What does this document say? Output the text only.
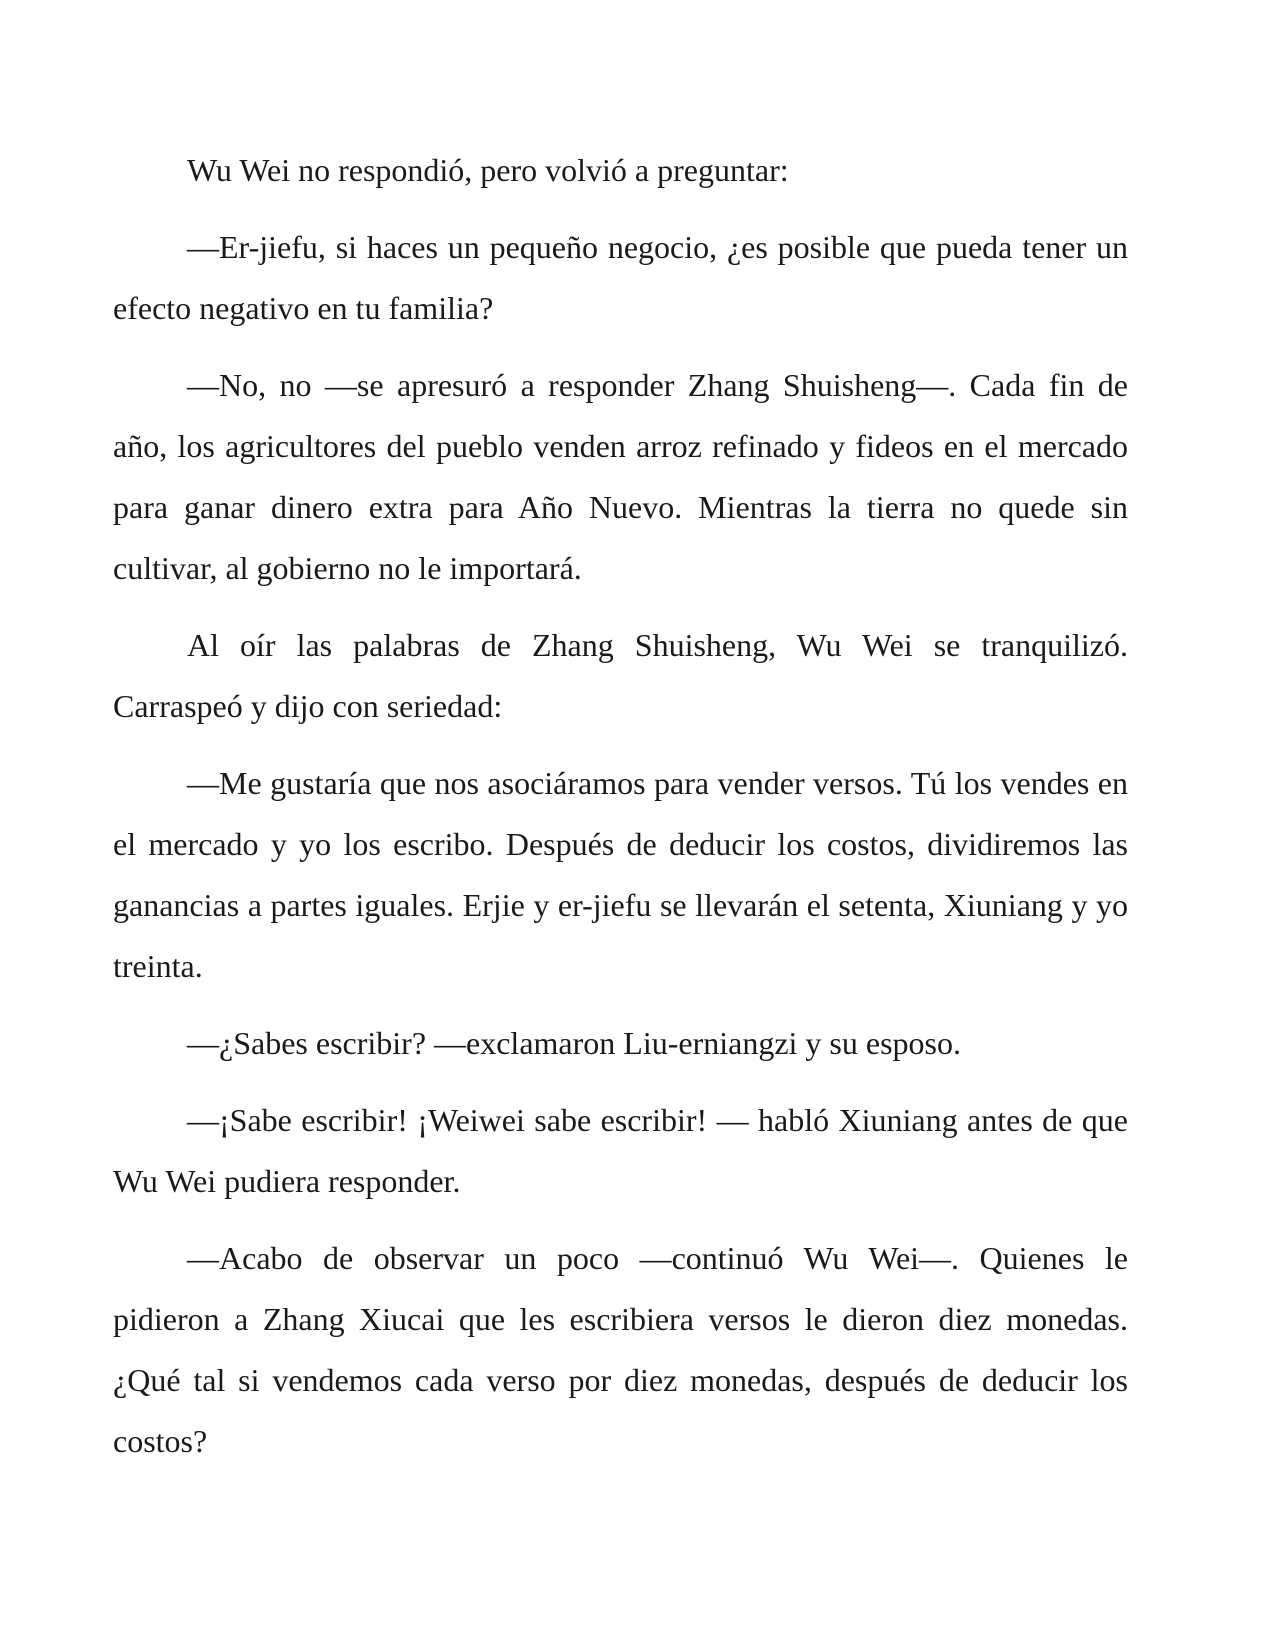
Wu Wei no respondió, pero volvió a preguntar:

—Er-jiefu, si haces un pequeño negocio, ¿es posible que pueda tener un efecto negativo en tu familia?

—No, no —se apresuró a responder Zhang Shuisheng—. Cada fin de año, los agricultores del pueblo venden arroz refinado y fideos en el mercado para ganar dinero extra para Año Nuevo. Mientras la tierra no quede sin cultivar, al gobierno no le importará.

Al oír las palabras de Zhang Shuisheng, Wu Wei se tranquilizó. Carraspeó y dijo con seriedad:

—Me gustaría que nos asociáramos para vender versos. Tú los vendes en el mercado y yo los escribo. Después de deducir los costos, dividiremos las ganancias a partes iguales. Erjie y er-jiefu se llevarán el setenta, Xiuniang y yo treinta.

—¿Sabes escribir? —exclamaron Liu-erniangzi y su esposo.

—¡Sabe escribir! ¡Weiwei sabe escribir! — habló Xiuniang antes de que Wu Wei pudiera responder.

—Acabo de observar un poco —continuó Wu Wei—. Quienes le pidieron a Zhang Xiucai que les escribiera versos le dieron diez monedas. ¿Qué tal si vendemos cada verso por diez monedas, después de deducir los costos?
